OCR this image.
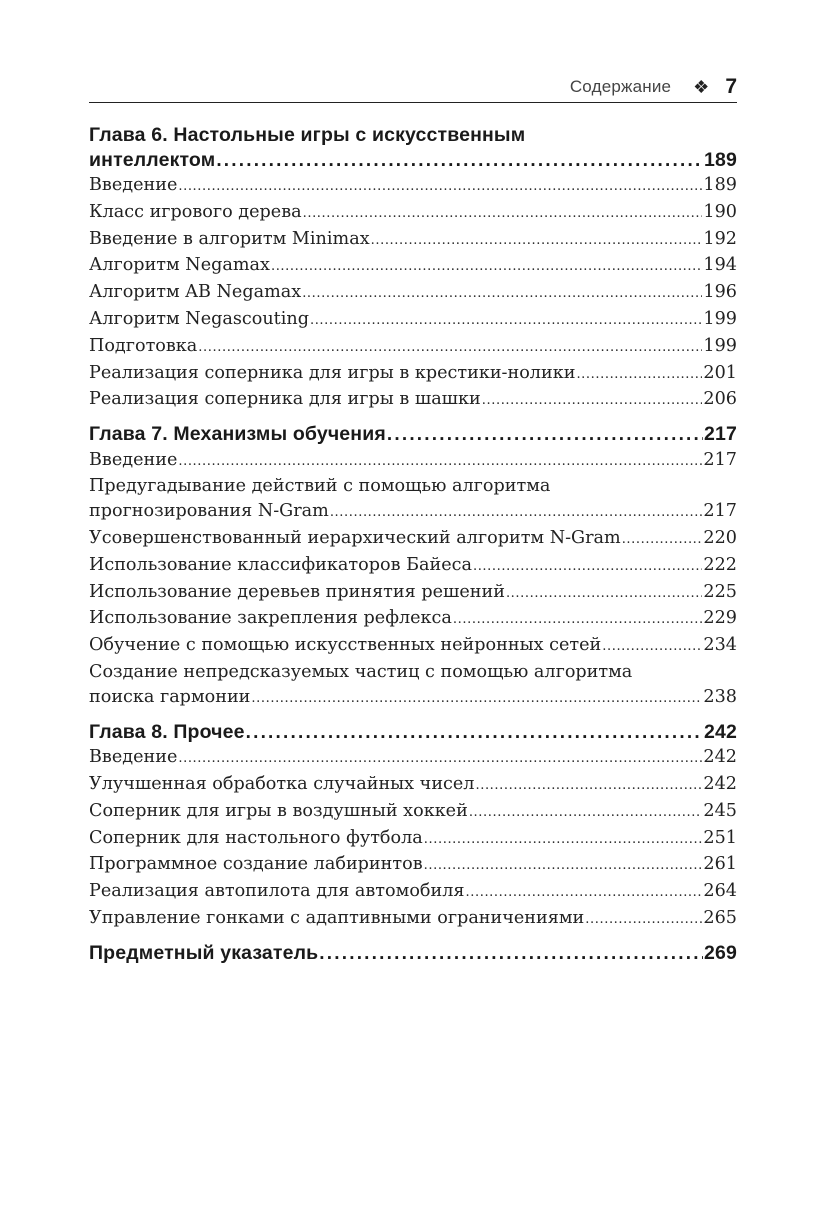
Содержание ❖ 7
Глава 6. Настольные игры с искусственным
интеллектом .....	189
Введение .....	189
Класс игрового дерева .....	190
Введение в алгоритм Minimax .....	192
Алгоритм Negamax .....	194
Алгоритм AB Negamax .....	196
Алгоритм Negascouting .....	199
Подготовка .....	199
Реализация соперника для игры в крестики-нолики .....	201
Реализация соперника для игры в шашки .....	206
Глава 7. Механизмы обучения .....	217
Введение .....	217
Предугадывание действий с помощью алгоритма
прогнозирования N-Gram .....	217
Усовершенствованный иерархический алгоритм N-Gram .....	220
Использование классификаторов Байеса .....	222
Использование деревьев принятия решений .....	225
Использование закрепления рефлекса .....	229
Обучение с помощью искусственных нейронных сетей .....	234
Создание непредсказуемых частиц с помощью алгоритма
поиска гармонии .....	238
Глава 8. Прочее .....	242
Введение .....	242
Улучшенная обработка случайных чисел .....	242
Соперник для игры в воздушный хоккей .....	245
Соперник для настольного футбола .....	251
Программное создание лабиринтов .....	261
Реализация автопилота для автомобиля .....	264
Управление гонками с адаптивными ограничениями .....	265
Предметный указатель .....	269
